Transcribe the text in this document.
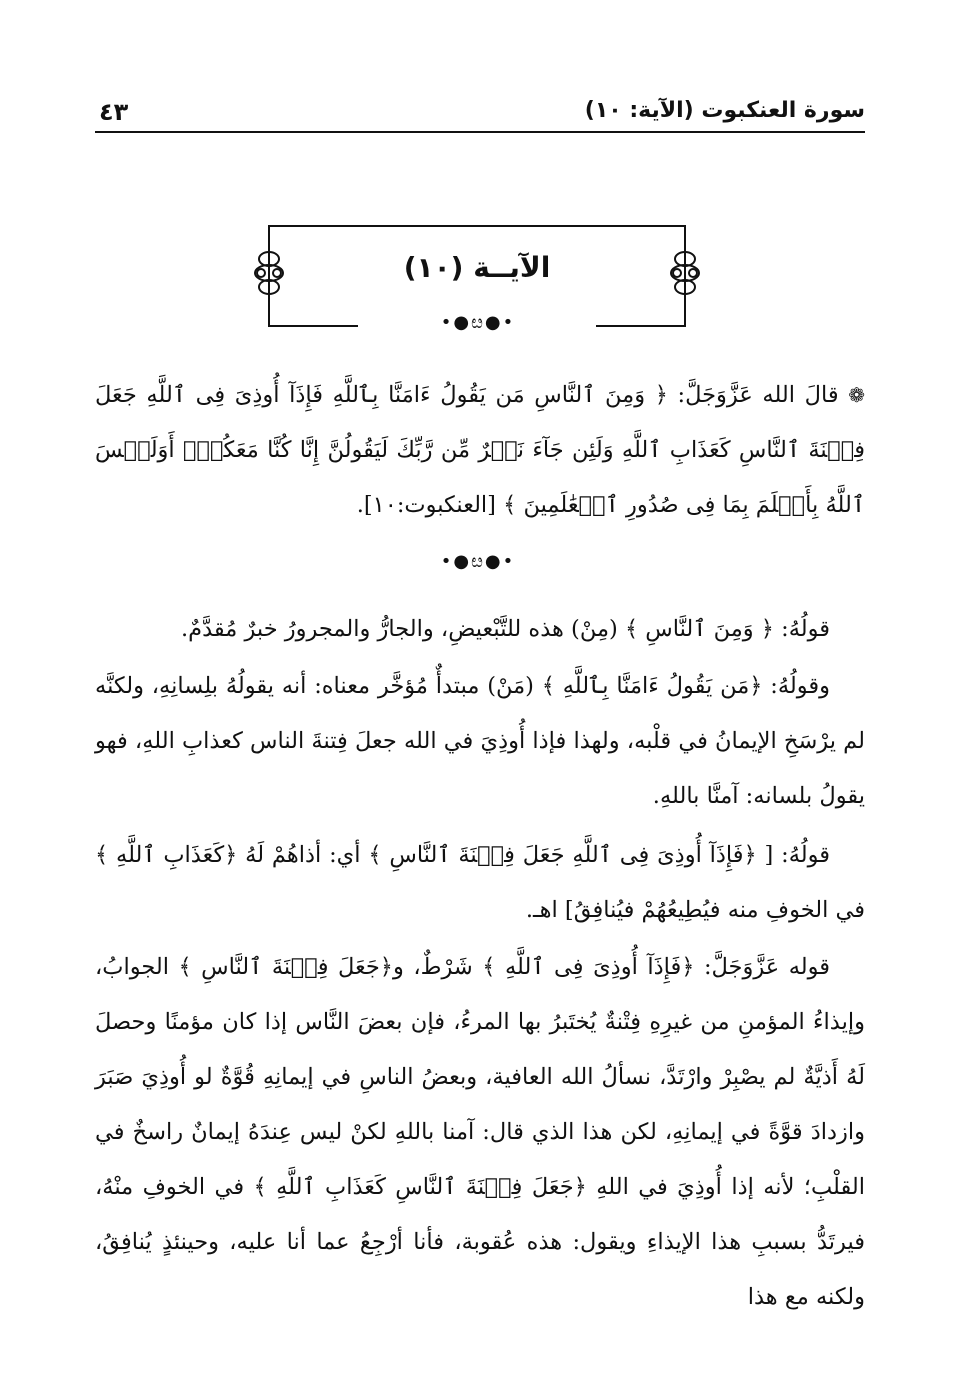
سورة العنكبوت (الآية: ١٠)
٤٣
الآيــة (١٠)
•●ೞ●•

❁ قالَ الله عَزَّوَجَلَّ: ﴿ وَمِنَ ٱلنَّاسِ مَن يَقُولُ ءَامَنَّا بِٱللَّهِ فَإِذَآ أُوذِىَ فِى ٱللَّهِ جَعَلَ فِتۡنَةَ ٱلنَّاسِ كَعَذَابِ ٱللَّهِ وَلَئِن جَآءَ نَصۡرٌ مِّن رَّبِّكَ لَيَقُولُنَّ إِنَّا كُنَّا مَعَكُمۡۚ أَوَلَيۡسَ ٱللَّهُ بِأَعۡلَمَ بِمَا فِى صُدُورِ ٱلۡعَٰلَمِينَ ﴾ [العنكبوت:١٠].

•●ೞ●•

قولُهُ: ﴿ وَمِنَ ٱلنَّاسِ ﴾ (مِنْ) هذه للتَّبْعيضِ، والجارُّ والمجرورُ خبرٌ مُقدَّمٌ.

وقولُهُ: ﴿مَن يَقُولُ ءَامَنَّا بِٱللَّهِ ﴾ (مَنْ) مبتدأٌ مُؤخَّر معناه: أنه يقولُهُ بلِسانِهِ، ولكنَّه لم يرْسَخِ الإيمانُ في قلْبه، ولهذا فإذا أُوذِيَ في الله جعلَ فِتنةَ الناس كعذابِ اللهِ، فهو يقولُ بلسانه: آمنَّا باللهِ.

قولُهُ: [ ﴿فَإِذَآ أُوذِىَ فِى ٱللَّهِ جَعَلَ فِتۡنَةَ ٱلنَّاسِ ﴾ أي: أذاهُمْ لَهُ ﴿كَعَذَابِ ٱللَّهِ ﴾ في الخوفِ منه فيُطِيعُهُمْ فيُنافِقُ] اهـ.

قوله عَزَّوَجَلَّ: ﴿فَإِذَآ أُوذِىَ فِى ٱللَّهِ ﴾ شَرْطٌ، و﴿جَعَلَ فِتۡنَةَ ٱلنَّاسِ ﴾ الجوابُ، وإيذاءُ المؤمنِ من غيرِهِ فِتْنةٌ يُختَبرُ بها المرءُ، فإن بعضَ النَّاس إذا كان مؤمنًا وحصلَ لَهُ أَذيَّةٌ لم يصْبِرْ وارْتَدَّ، نسألُ الله العافية، وبعضُ الناسِ في إيمانِهِ قُوَّةٌ لو أُوذِيَ صَبَرَ وازدادَ قوَّةً في إيمانِهِ، لكن هذا الذي قال: آمنا باللهِ لكنْ ليس عِندَهُ إيمانٌ راسخٌ في القلْبِ؛ لأنه إذا أُوذِيَ في اللهِ ﴿جَعَلَ فِتۡنَةَ ٱلنَّاسِ كَعَذَابِ ٱللَّهِ ﴾ في الخوفِ منْهُ، فيرتَدُّ بسببِ هذا الإيذاءِ ويقول: هذه عُقوبة، فأنا أرْجِعُ عما أنا عليه، وحينئذٍ يُنافِقُ، ولكنه مع هذا
